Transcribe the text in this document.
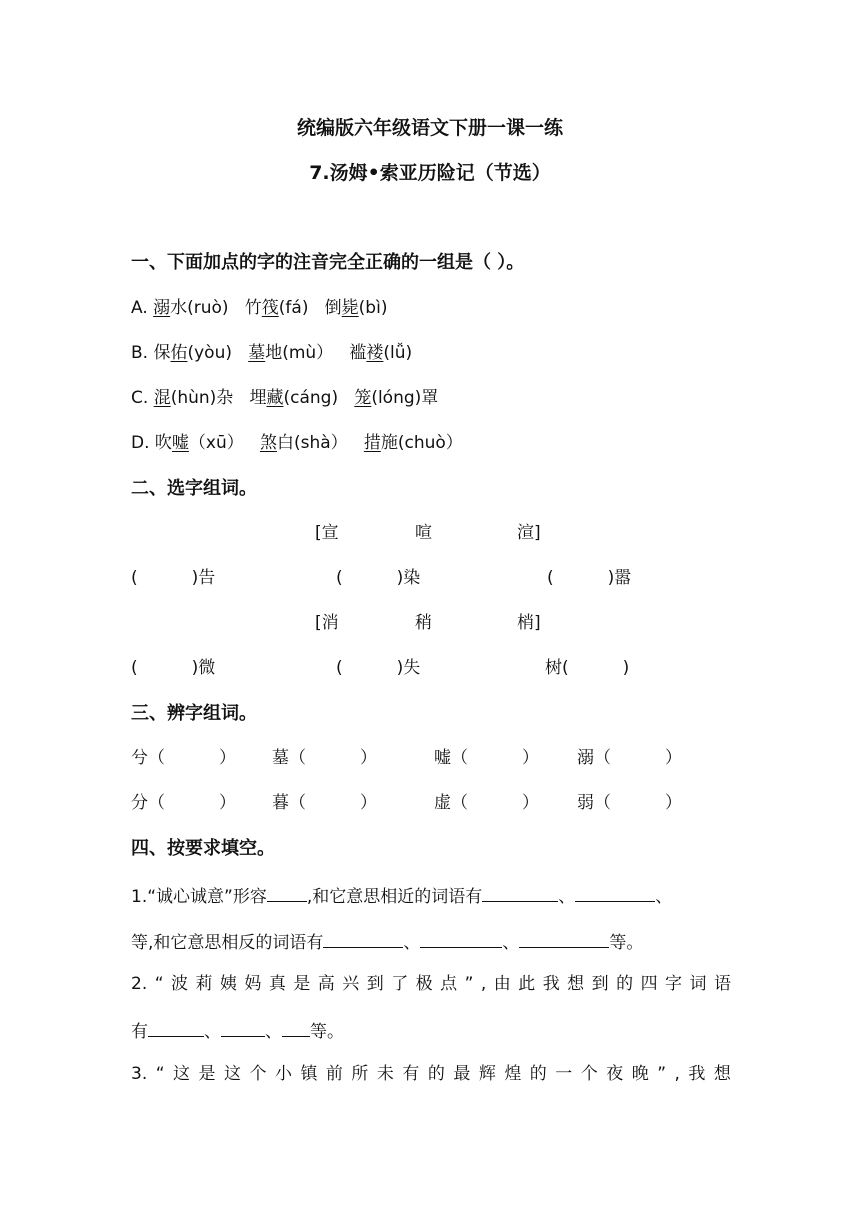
统编版六年级语文下册一课一练
7.汤姆•索亚历险记（节选）
一、下面加点的字的注音完全正确的一组是（ ）。
A. 溺水(ruò)   竹筏(fá)   倒毙(bì)
B. 保佑(yòu)   墓地(mù）   褴褛(lǚ)
C. 混(hùn)杂   埋藏(cáng)   笼(lóng)罩
D. 吹嘘（xū）   煞白(shà）   措施(chuò）
二、选字组词。
[宣	喧	渲]
(          )告	(          )染	(          )嚣
[消	稍	梢]
(          )微	(          )失	树(          )
三、辨字组词。
兮（          ） 墓（          ）	嘘（          ） 溺（          ）
分（          ） 暮（          ）	虚（          ） 弱（          ）
四、按要求填空。
1.“诚心诚意”形容 ,和它意思相近的词语有	、	、
等,和它意思相反的词语有	、	、	等。
2. “ 波 莉 姨 妈 真 是 高 兴 到 了 极 点 ” , 由 此 我 想 到 的 四 字 词 语
有	、	、 等。
3. “ 这 是 这 个 小 镇 前 所 未 有 的 最 辉 煌 的 一 个 夜 晚 ” , 我 想
